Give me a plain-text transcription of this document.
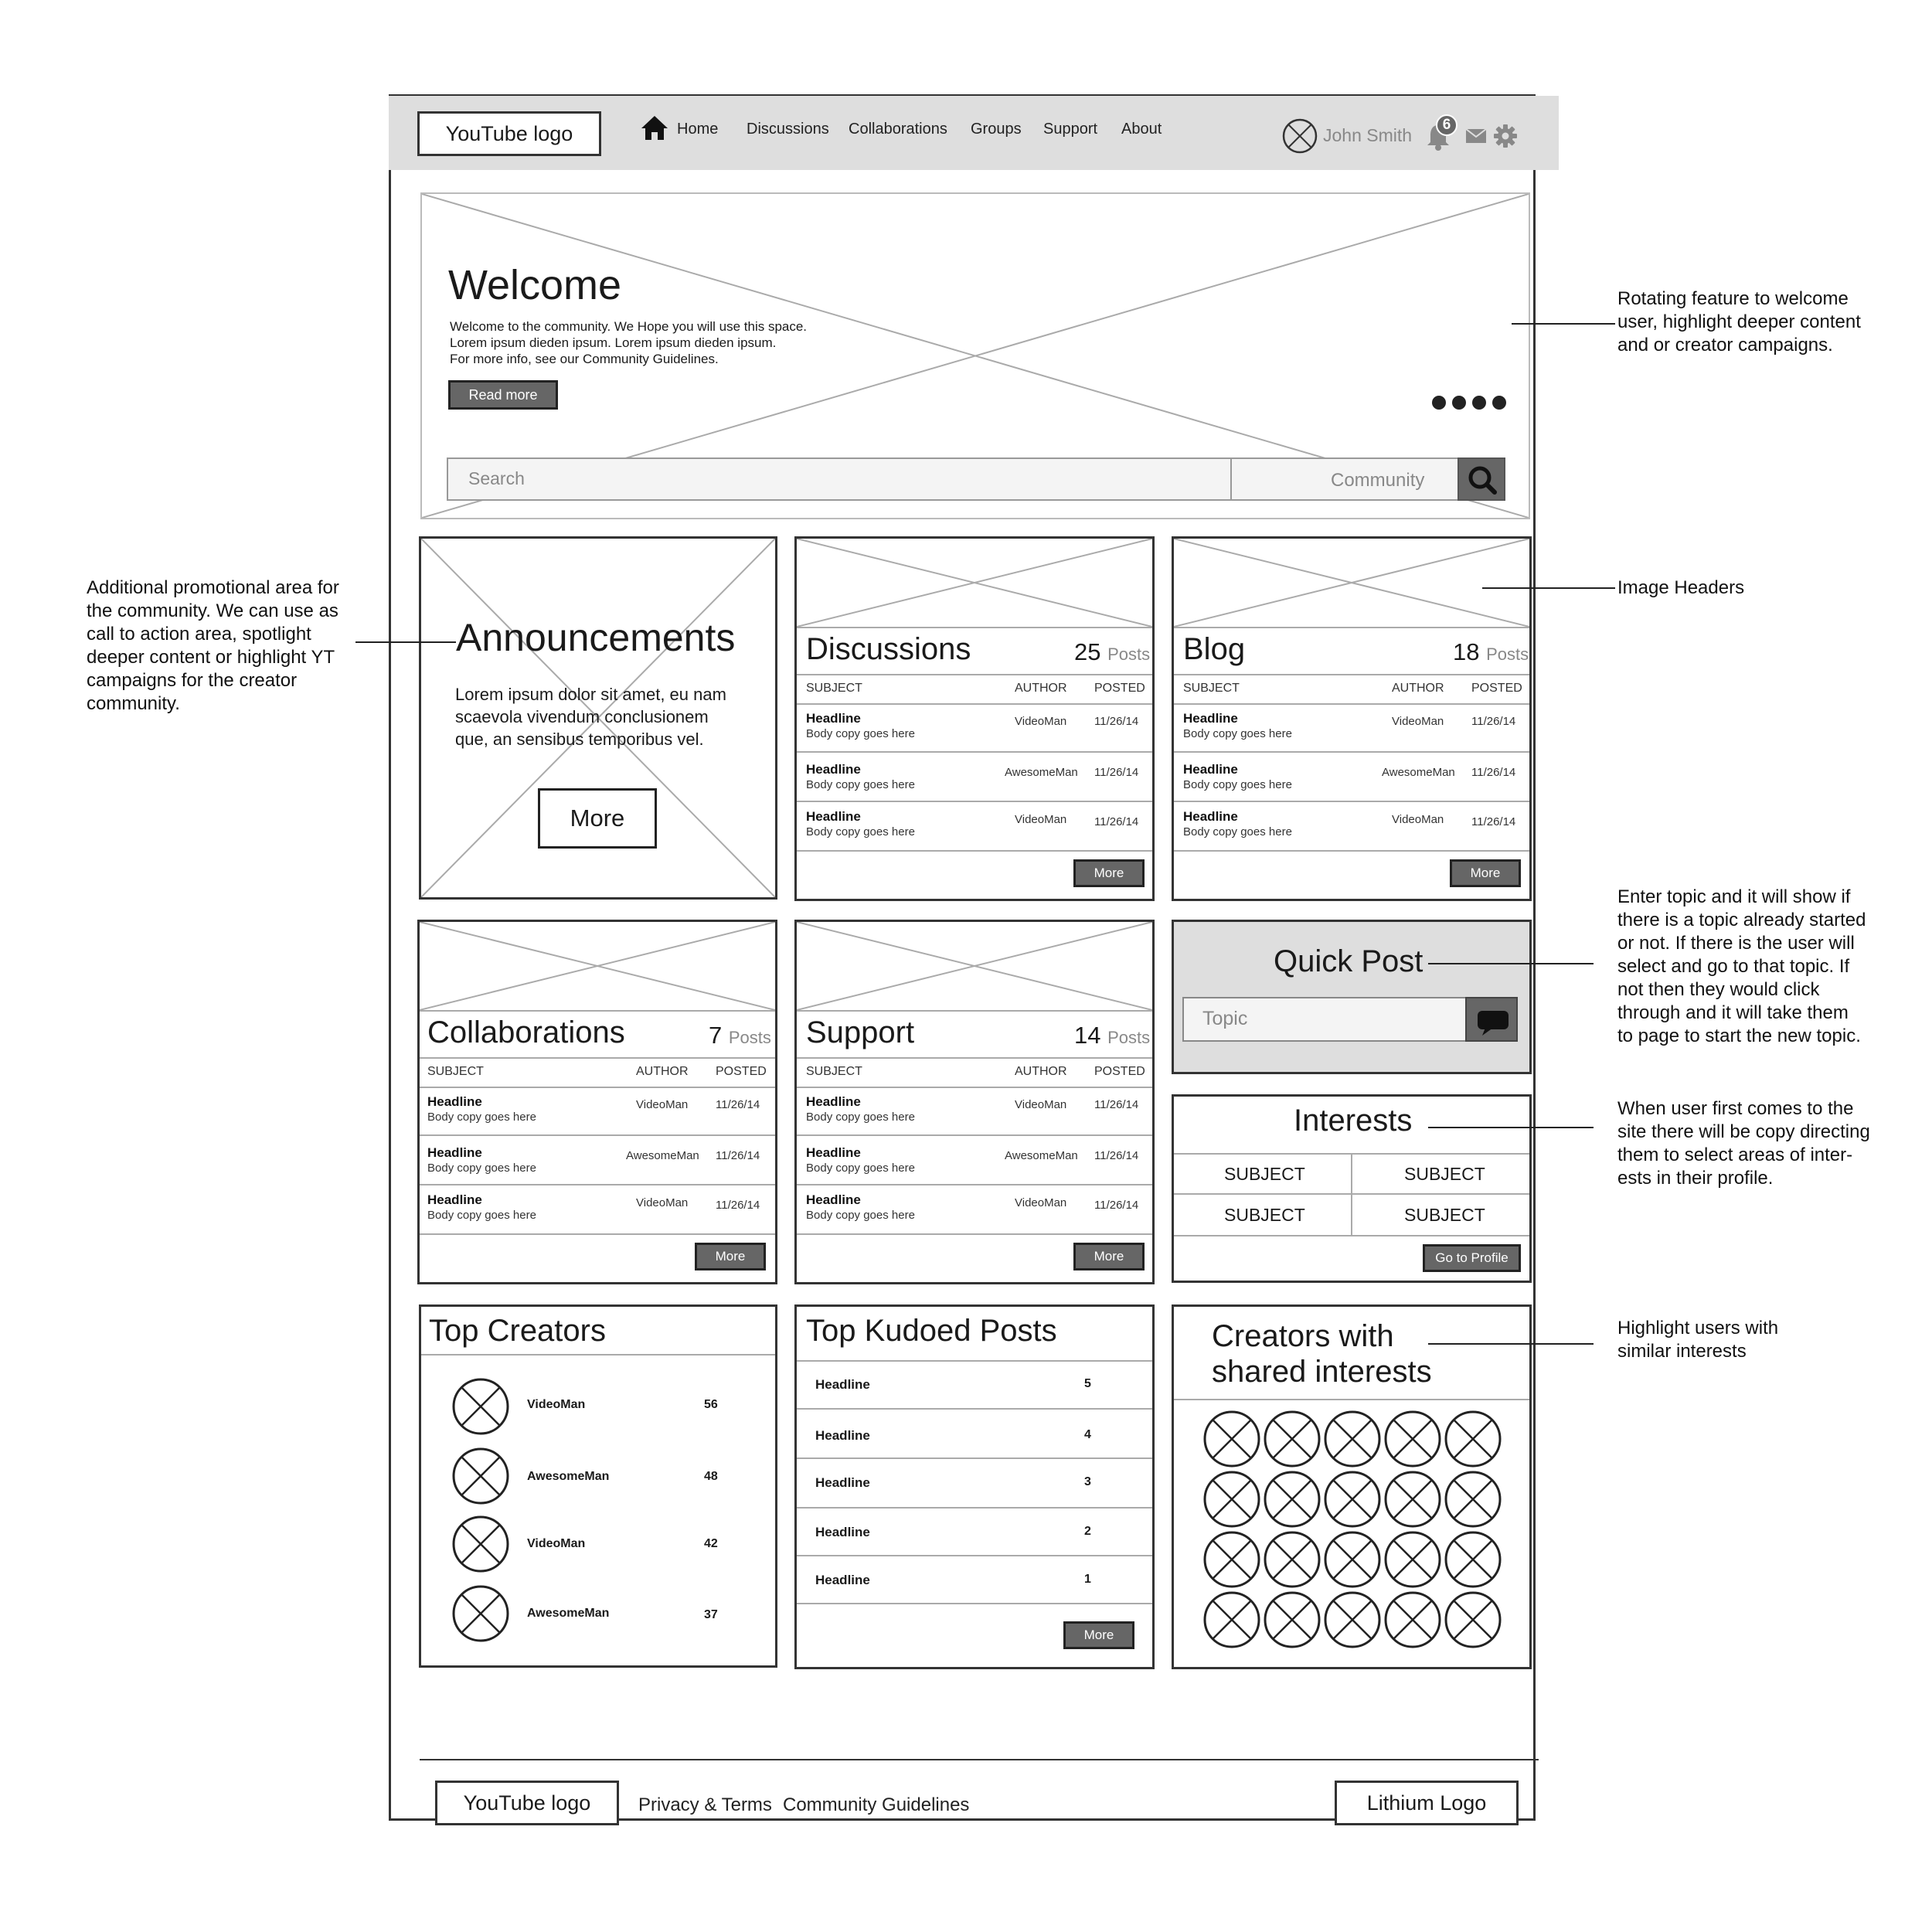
YouTube logo	Home Discussions Collaborations Groups Support About	John Smith
6
Welcome
Welcome to the community. We Hope you will use this space.
Lorem ipsum dieden ipsum. Lorem ipsum dieden ipsum.
For more info, see our Community Guidelines.
Read more
Search	Community
Announcements
Lorem ipsum dolor sit amet, eu nam
scaevola vivendum conclusionem
que, an sensibus temporibus vel.
More
Discussions	25 Posts
SUBJECT	AUTHOR POSTED
Headline
Body copy goes here
VideoMan 11/26/14
Headline
Body copy goes here
AwesomeMan 11/26/14
Headline
Body copy goes here
VideoMan 11/26/14
More
Blog	18 Posts
SUBJECT	AUTHOR POSTED
Headline
Body copy goes here
VideoMan 11/26/14
Headline
Body copy goes here
AwesomeMan 11/26/14
Headline
Body copy goes here
VideoMan 11/26/14
More
Collaborations	7 Posts
SUBJECT	AUTHOR POSTED
Headline
Body copy goes here
VideoMan 11/26/14
Headline
Body copy goes here
AwesomeMan 11/26/14
Headline
Body copy goes here
VideoMan 11/26/14
More
Support	14 Posts
SUBJECT	AUTHOR POSTED
Headline
Body copy goes here
VideoMan 11/26/14
Headline
Body copy goes here
AwesomeMan 11/26/14
Headline
Body copy goes here
VideoMan 11/26/14
More
Quick Post
Topic
Interests
SUBJECT	SUBJECT
SUBJECT	SUBJECT
Go to Profile
Top Creators
VideoMan	56
AwesomeMan	48
VideoMan	42
AwesomeMan	37
Top Kudoed Posts
Headline	5
Headline	4
Headline	3
Headline	2
Headline	1
More
Creators with
shared interests
YouTube logo	Privacy & Terms Community Guidelines	Lithium Logo
Rotating feature to welcome
user, highlight deeper content
and or creator campaigns.
Image Headers
Additional promotional area for
the community. We can use as
call to action area, spotlight
deeper content or highlight YT
campaigns for the creator
community.
Enter topic and it will show if
there is a topic already started
or not. If there is the user will
select and go to that topic. If
not then they would click
through and it will take them
to page to start the new topic.
When user first comes to the
site there will be copy directing
them to select areas of inter-
ests in their profile.
Highlight users with
similar interests
